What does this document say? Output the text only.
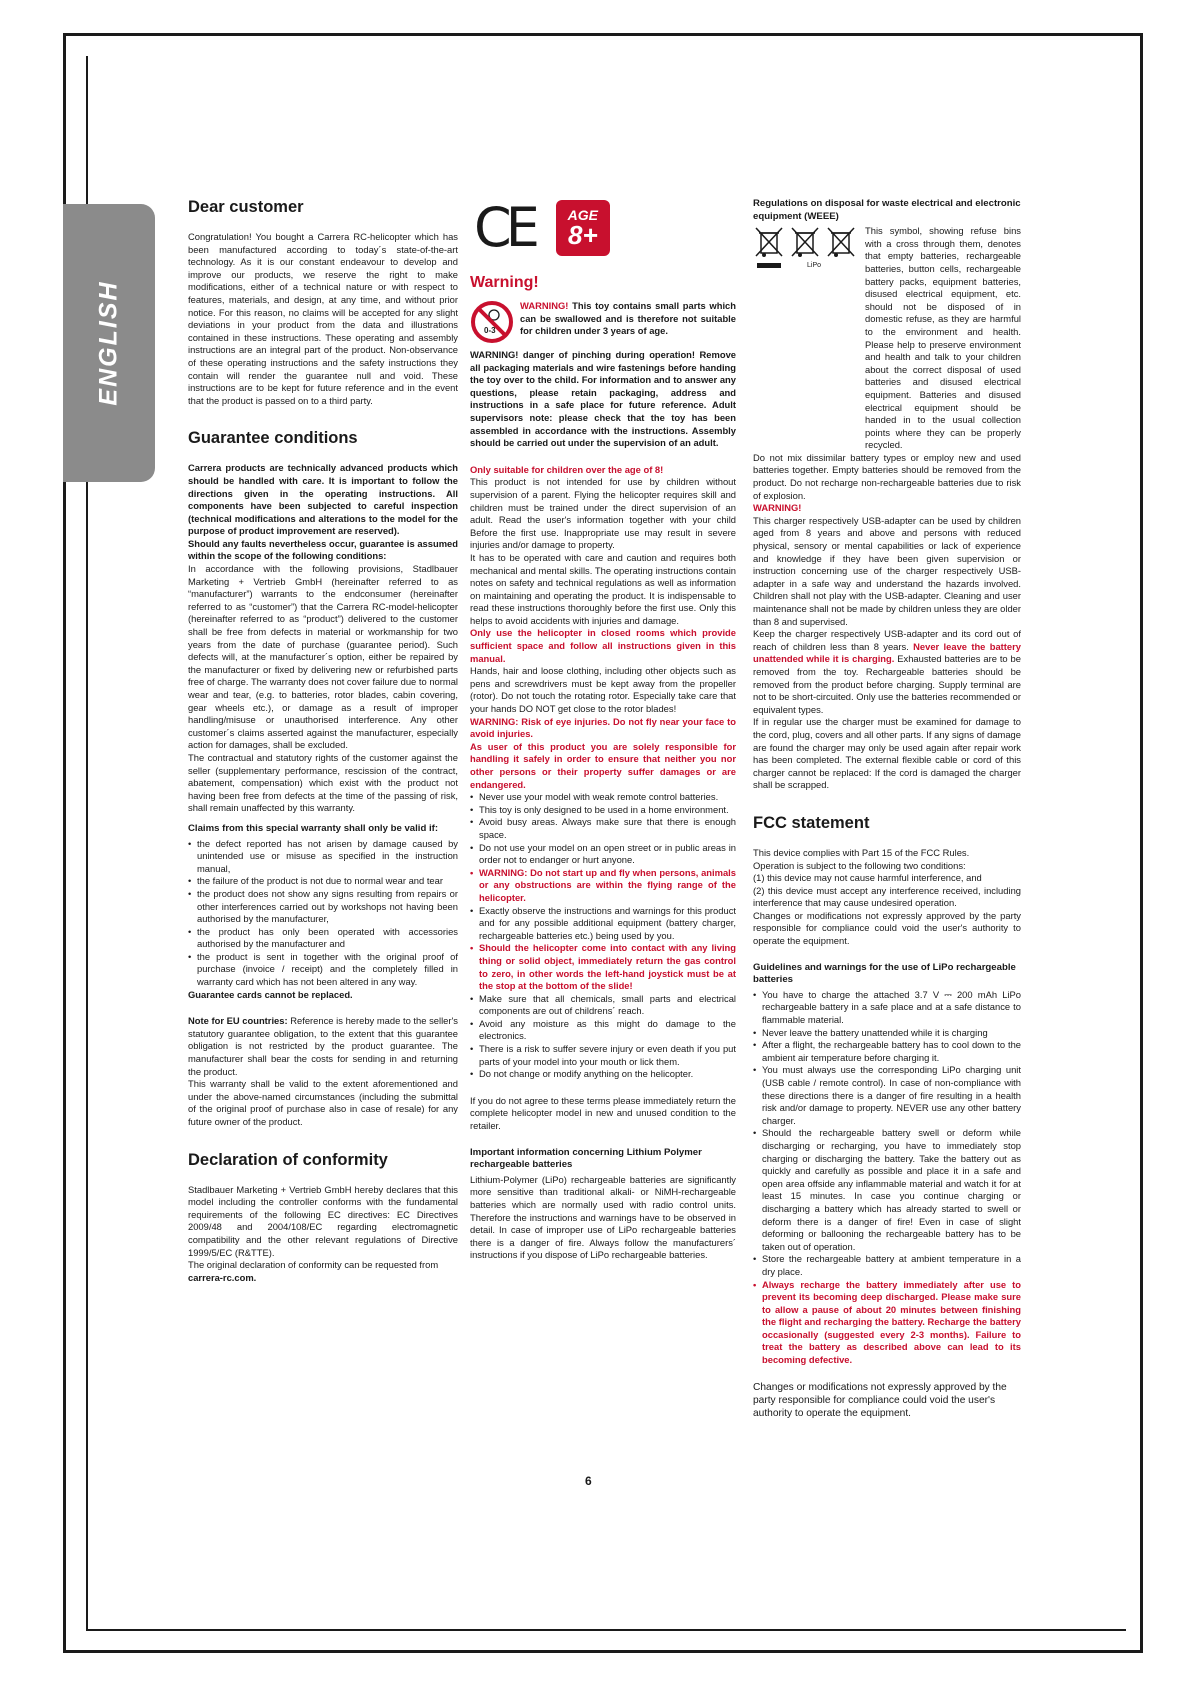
ENGLISH
Dear customer

Congratulation! You bought a Carrera RC-helicopter which has been manufactured according to today´s state-of-the-art technology. As it is our constant endeavour to develop and improve our products, we reserve the right to make modifications, either of a technical nature or with respect to features, materials, and design, at any time, and without prior notice. For this reason, no claims will be accepted for any slight deviations in your product from the data and illustrations contained in these instructions. These operating and assembly instructions are an integral part of the product. Non-observance of these operating instructions and the safety instructions they contain will render the guarantee null and void. These instructions are to be kept for future reference and in the event that the product is passed on to a third party.

Guarantee conditions

Carrera products are technically advanced products which should be handled with care. It is important to follow the directions given in the operating instructions. All components have been subjected to careful inspection (technical modifications and alterations to the model for the purpose of product improvement are reserved).

Should any faults nevertheless occur, guarantee is assumed within the scope of the following conditions:

In accordance with the following provisions, Stadlbauer Marketing + Vertrieb GmbH (hereinafter referred to as “manufacturer”) warrants to the endconsumer (hereinafter referred to as “customer”) that the Carrera RC-model-helicopter (hereinafter referred to as “product”) delivered to the customer shall be free from defects in material or workmanship for two years from the date of purchase (guarantee period). Such defects will, at the manufacturer´s option, either be repaired by the manufacturer or fixed by delivering new or refurbished parts free of charge. The warranty does not cover failure due to normal wear and tear, (e.g. to batteries, rotor blades, cabin covering, gear wheels etc.), or damage as a result of improper handling/misuse or unauthorised interference. Any other customer´s claims asserted against the manufacturer, especially action for damages, shall be excluded.

The contractual and statutory rights of the customer against the seller (supplementary performance, rescission of the contract, abatement, compensation) which exist with the product not having been free from defects at the time of the passing of risk, shall remain unaffected by this warranty.

Claims from this special warranty shall only be valid if:
• the defect reported has not arisen by damage caused by unintended use or misuse as specified in the instruction manual,
• the failure of the product is not due to normal wear and tear
• the product does not show any signs resulting from repairs or other interferences carried out by workshops not having been authorised by the manufacturer,
• the product has only been operated with accessories authorised by the manufacturer and
• the product is sent in together with the original proof of purchase (invoice / receipt) and the completely filled in warranty card which has not been altered in any way.

Guarantee cards cannot be replaced.

Note for EU countries: Reference is hereby made to the seller's statutory guarantee obligation, to the extent that this guarantee obligation is not restricted by the product guarantee. The manufacturer shall bear the costs for sending in and returning the product.

This warranty shall be valid to the extent aforementioned and under the above-named circumstances (including the submittal of the original proof of purchase also in case of resale) for any future owner of the product.

Declaration of conformity

Stadlbauer Marketing + Vertrieb GmbH hereby declares that this model including the controller conforms with the fundamental requirements of the following EC directives: EC Directives 2009/48 and 2004/108/EC regarding electromagnetic compatibility and the other relevant regulations of Directive 1999/5/EC (R&TTE).

The original declaration of conformity can be requested from

carrera-rc.com.

CE AGE
8+
Warning!
0-3

WARNING! This toy contains small parts which can be swallowed and is therefore not suitable for children under 3 years of age.

WARNING! danger of pinching during operation! Remove all packaging materials and wire fastenings before handing the toy over to the child. For information and to answer any questions, please retain packaging, address and instructions in a safe place for future reference. Adult supervisors note: please check that the toy has been assembled in accordance with the instructions. Assembly should be carried out under the supervision of an adult.

Only suitable for children over the age of 8!

This product is not intended for use by children without supervision of a parent. Flying the helicopter requires skill and children must be trained under the direct supervision of an adult. Read the user's information together with your child Before the first use. Inappropriate use may result in severe injuries and/or damage to property.

It has to be operated with care and caution and requires both mechanical and mental skills. The operating instructions contain notes on safety and technical regulations as well as information on maintaining and operating the product. It is indispensable to read these instructions thoroughly before the first use. Only this helps to avoid accidents with injuries and damage.

Only use the helicopter in closed rooms which provide sufficient space and follow all instructions given in this manual.

Hands, hair and loose clothing, including other objects such as pens and screwdrivers must be kept away from the propeller (rotor). Do not touch the rotating rotor. Especially take care that your hands DO NOT get close to the rotor blades!

WARNING: Risk of eye injuries. Do not fly near your face to avoid injuries.

As user of this product you are solely responsible for handling it safely in order to ensure that neither you nor other persons or their property suffer damages or are endangered.

• Never use your model with weak remote control batteries.
• This toy is only designed to be used in a home environment.
• Avoid busy areas. Always make sure that there is enough space.
• Do not use your model on an open street or in public areas in order not to endanger or hurt anyone.
• WARNING: Do not start up and fly when persons, animals or any obstructions are within the flying range of the helicopter.
• Exactly observe the instructions and warnings for this product and for any possible additional equipment (battery charger, rechargeable batteries etc.) being used by you.
• Should the helicopter come into contact with any living thing or solid object, immediately return the gas control to zero, in other words the left-hand joystick must be at the stop at the bottom of the slide!
• Make sure that all chemicals, small parts and electrical components are out of childrens´ reach.
• Avoid any moisture as this might do damage to the electronics.
• There is a risk to suffer severe injury or even death if you put parts of your model into your mouth or lick them.
• Do not change or modify anything on the helicopter.

If you do not agree to these terms please immediately return the complete helicopter model in new and unused condition to the retailer.

Important information concerning Lithium Polymer rechargeable batteries

Lithium-Polymer (LiPo) rechargeable batteries are significantly more sensitive than traditional alkali- or NiMH-rechargeable batteries which are normally used with radio control units. Therefore the instructions and warnings have to be observed in detail. In case of improper use of LiPo rechargeable batteries there is a danger of fire. Always follow the manufacturers´ instructions if you dispose of LiPo rechargeable batteries.

Regulations on disposal for waste electrical and electronic equipment (WEEE)
LiPo

This symbol, showing refuse bins with a cross through them, denotes that empty batteries, rechargeable batteries, button cells, rechargeable battery packs, equipment batteries, disused electrical equipment, etc. should not be disposed of in domestic refuse, as they are harmful to the environment and health. Please help to preserve environment and health and talk to your children about the correct disposal of used batteries and disused electrical equipment. Batteries and disused electrical equipment should be handed in to the usual collection points where they can be properly recycled.

Do not mix dissimilar battery types or employ new and used batteries together. Empty batteries should be removed from the product. Do not recharge non-rechargeable batteries due to risk of explosion.

WARNING!

This charger respectively USB-adapter can be used by children aged from 8 years and above and persons with reduced physical, sensory or mental capabilities or lack of experience and knowledge if they have been given supervision or instruction concerning use of the charger respectively USB-adapter in a safe way and understand the hazards involved. Children shall not play with the USB-adapter. Cleaning and user maintenance shall not be made by children unless they are older than 8 and supervised.

Keep the charger respectively USB-adapter and its cord out of reach of children less than 8 years. Never leave the battery unattended while it is charging. Exhausted batteries are to be removed from the toy. Rechargeable batteries should be removed from the product before charging. Supply terminal are not to be short-circuited. Only use the batteries recommended or equivalent types.

If in regular use the charger must be examined for damage to the cord, plug, covers and all other parts. If any signs of damage are found the charger may only be used again after repair work has been completed. The external flexible cable or cord of this charger cannot be replaced: If the cord is damaged the charger shall be scrapped.

FCC statement

This device complies with Part 15 of the FCC Rules.

Operation is subject to the following two conditions:

(1) this device may not cause harmful interference, and

(2) this device must accept any interference received, including interference that may cause undesired operation.

Changes or modifications not expressly approved by the party responsible for compliance could void the user's authority to operate the equipment.

Guidelines and warnings for the use of LiPo rechargeable batteries
• You have to charge the attached 3.7 V ⎓ 200 mAh LiPo rechargeable battery in a safe place and at a safe distance to flammable material.
• Never leave the battery unattended while it is charging
• After a flight, the rechargeable battery has to cool down to the ambient air temperature before charging it.
• You must always use the corresponding LiPo charging unit (USB cable / remote control). In case of non-compliance with these directions there is a danger of fire resulting in a health risk and/or damage to property. NEVER use any other battery charger.
• Should the rechargeable battery swell or deform while discharging or recharging, you have to immediately stop charging or discharging the battery. Take the battery out as quickly and carefully as possible and place it in a safe and open area offside any inflammable material and watch it for at least 15 minutes. In case you continue charging or discharging a battery which has already started to swell or deform there is a danger of fire! Even in case of slight deforming or ballooning the rechargeable battery has to be taken out of operation.
• Store the rechargeable battery at ambient temperature in a dry place.
• Always recharge the battery immediately after use to prevent its becoming deep discharged. Please make sure to allow a pause of about 20 minutes between finishing the flight and recharging the battery. Recharge the battery occasionally (suggested every 2-3 months). Failure to treat the battery as described above can lead to its becoming defective.

Changes or modifications not expressly approved by the party responsible for compliance could void the user's authority to operate the equipment.

6
